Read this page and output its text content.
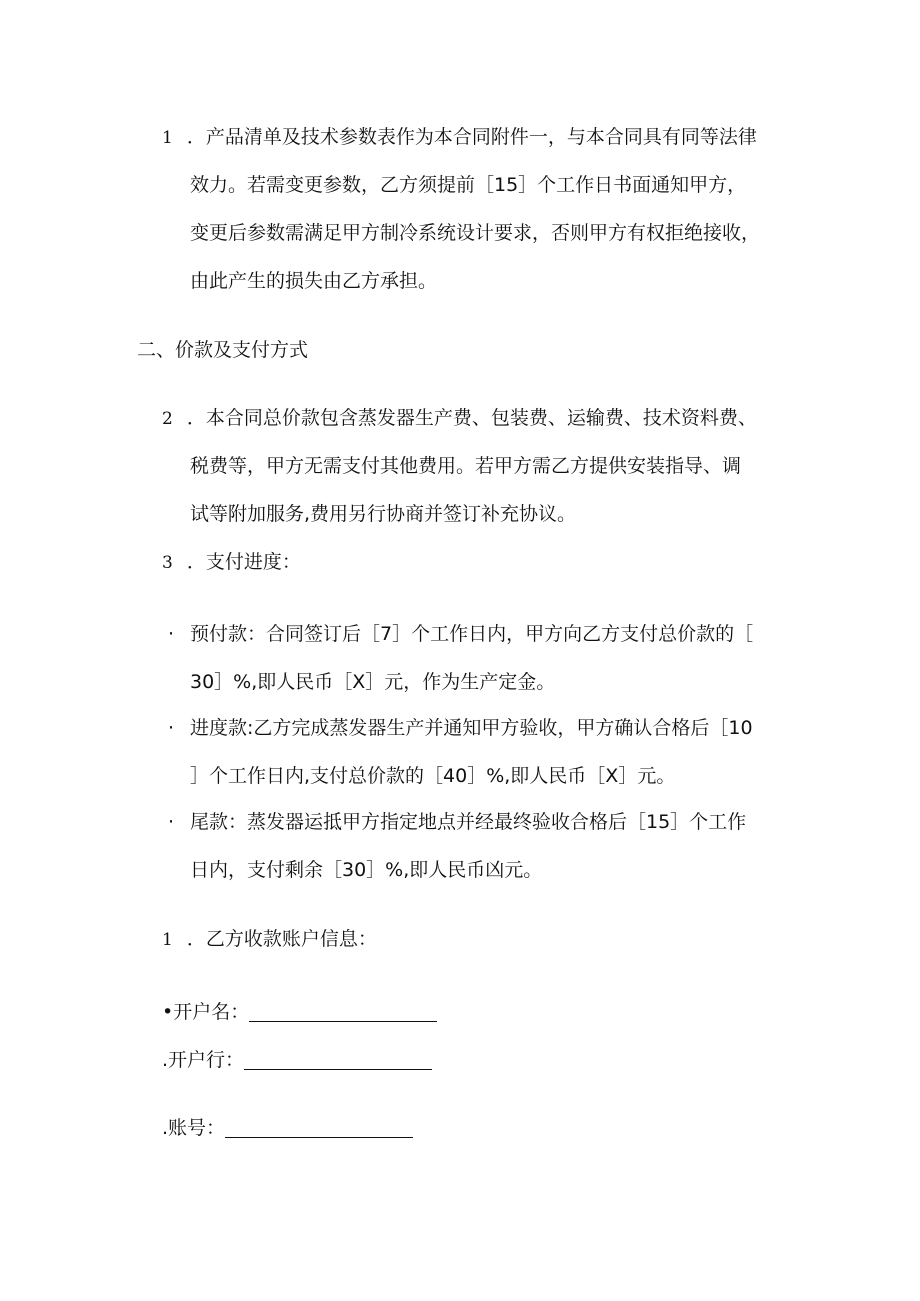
1 ．产品清单及技术参数表作为本合同附件一，与本合同具有同等法律
效力。若需变更参数，乙方须提前［15］个工作日书面通知甲方，
变更后参数需满足甲方制冷系统设计要求，否则甲方有权拒绝接收，
由此产生的损失由乙方承担。
二、价款及支付方式
2 ．本合同总价款包含蒸发器生产费、包装费、运输费、技术资料费、
税费等，甲方无需支付其他费用。若甲方需乙方提供安装指导、调
试等附加服务,费用另行协商并签订补充协议。
3 ．支付进度：
· 预付款：合同签订后［7］个工作日内，甲方向乙方支付总价款的［
30］%,即人民币［X］元，作为生产定金。
· 进度款:乙方完成蒸发器生产并通知甲方验收，甲方确认合格后［10
］个工作日内,支付总价款的［40］%,即人民币［X］元。
· 尾款：蒸发器运抵甲方指定地点并经最终验收合格后［15］个工作
日内，支付剩余［30］%,即人民币凶元。
1 ．乙方收款账户信息：
•开户名：
.开户行：
.账号：
